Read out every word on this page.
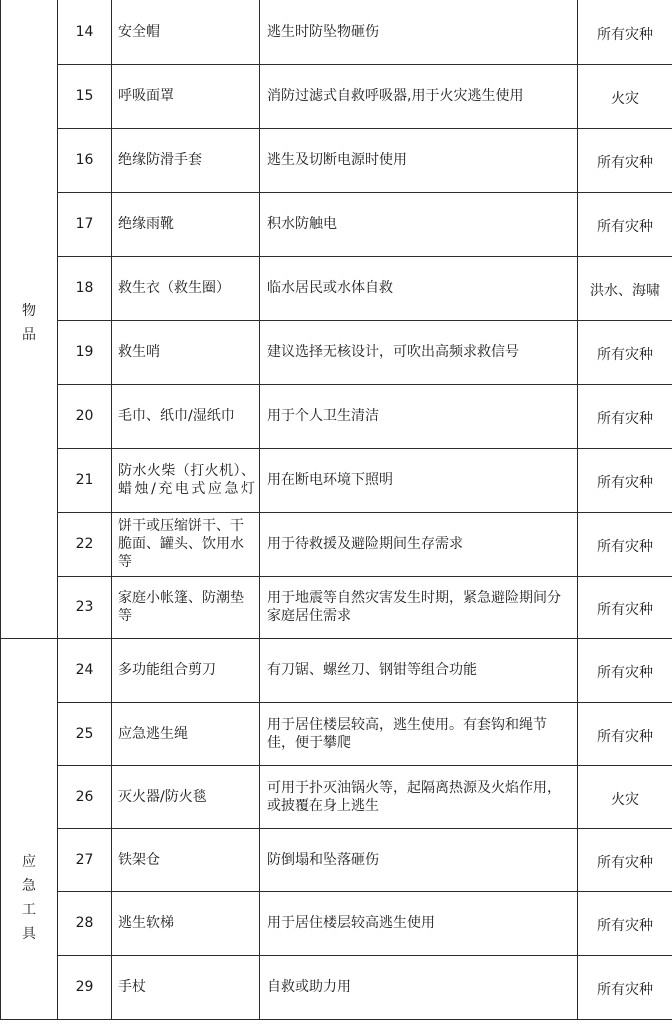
物品	14	安全帽	逃生时防坠物砸伤	所有灾种
	15	呼吸面罩	消防过滤式自救呼吸器,用于火灾逃生使用	火灾
	16	绝缘防滑手套	逃生及切断电源时使用	所有灾种
	17	绝缘雨靴	积水防触电	所有灾种
	18	救生衣（救生圈）	临水居民或水体自救	洪水、海啸
	19	救生哨	建议选择无核设计，可吹出高频求救信号	所有灾种
	20	毛巾、纸巾/湿纸巾	用于个人卫生清洁	所有灾种
	21	防水火柴（打火机）、蜡烛/充电式应急灯	用在断电环境下照明	所有灾种
	22	饼干或压缩饼干、干脆面、罐头、饮用水等	用于待救援及避险期间生存需求	所有灾种
	23	家庭小帐篷、防潮垫等	用于地震等自然灾害发生时期，紧急避险期间分家庭居住需求	所有灾种

应急工具	24	多功能组合剪刀	有刀锯、螺丝刀、钢钳等组合功能	所有灾种
	25	应急逃生绳	用于居住楼层较高，逃生使用。有套钩和绳节佳，便于攀爬	所有灾种
	26	灭火器/防火毯	可用于扑灭油锅火等，起隔离热源及火焰作用，或披覆在身上逃生	火灾
	27	铁架仓	防倒塌和坠落砸伤	所有灾种
	28	逃生软梯	用于居住楼层较高逃生使用	所有灾种
	29	手杖	自救或助力用	所有灾种
